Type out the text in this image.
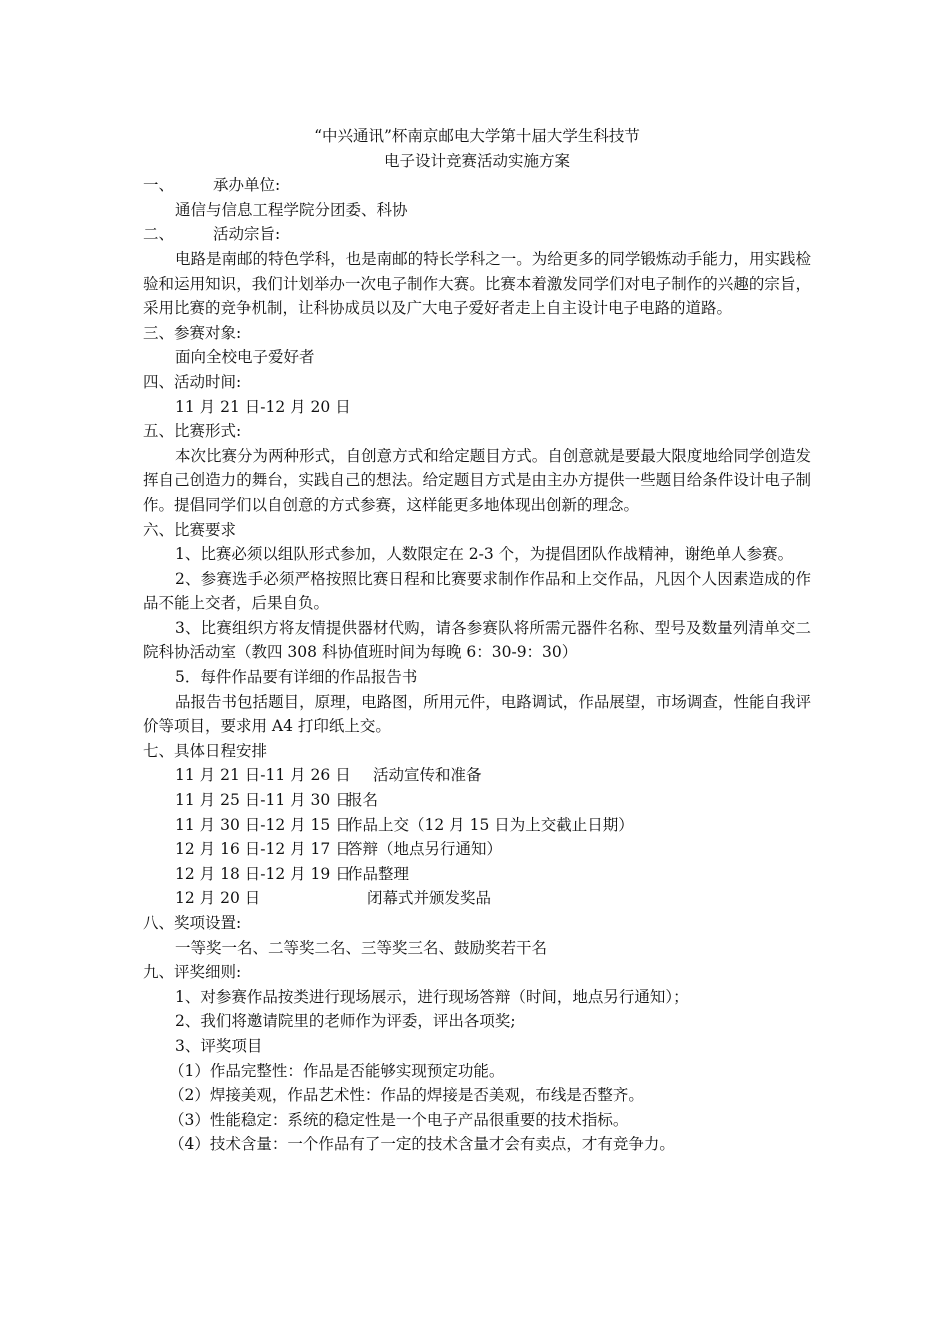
“中兴通讯”杯南京邮电大学第十届大学生科技节
电子设计竞赛活动实施方案
一、	承办单位:
通信与信息工程学院分团委、科协
二、	活动宗旨:
电路是南邮的特色学科，也是南邮的特长学科之一。为给更多的同学锻炼动手能力，用实践检验和运用知识，我们计划举办一次电子制作大赛。比赛本着激发同学们对电子制作的兴趣的宗旨，采用比赛的竞争机制，让科协成员以及广大电子爱好者走上自主设计电子电路的道路。
三、参赛对象:
面向全校电子爱好者
四、活动时间:
11 月 21 日-12 月 20 日
五、比赛形式:
本次比赛分为两种形式，自创意方式和给定题目方式。自创意就是要最大限度地给同学创造发挥自己创造力的舞台，实践自己的想法。给定题目方式是由主办方提供一些题目给条件设计电子制作。提倡同学们以自创意的方式参赛，这样能更多地体现出创新的理念。
六、比赛要求
1、比赛必须以组队形式参加，人数限定在 2-3 个，为提倡团队作战精神，谢绝单人参赛。
2、参赛选手必须严格按照比赛日程和比赛要求制作作品和上交作品，凡因个人因素造成的作品不能上交者，后果自负。
3、比赛组织方将友情提供器材代购，请各参赛队将所需元器件名称、型号及数量列清单交二院科协活动室（教四 308 科协值班时间为每晚 6：30-9：30）
5．每件作品要有详细的作品报告书
品报告书包括题目，原理，电路图，所用元件，电路调试，作品展望，市场调查，性能自我评价等项目，要求用 A4 打印纸上交。
七、具体日程安排
11 月 21 日-11 月 26 日 活动宣传和准备
11 月 25 日-11 月 30 日报名
11 月 30 日-12 月 15 日作品上交（12 月 15 日为上交截止日期）
12 月 16 日-12 月 17 日答辩（地点另行通知）
12 月 18 日-12 月 19 日作品整理
12 月 20 日	闭幕式并颁发奖品
八、奖项设置:
一等奖一名、二等奖二名、三等奖三名、鼓励奖若干名
九、评奖细则:
1、对参赛作品按类进行现场展示，进行现场答辩（时间，地点另行通知）；
2、我们将邀请院里的老师作为评委，评出各项奖;
3、评奖项目
（1）作品完整性：作品是否能够实现预定功能。
（2）焊接美观，作品艺术性：作品的焊接是否美观，布线是否整齐。
（3）性能稳定：系统的稳定性是一个电子产品很重要的技术指标。
（4）技术含量：一个作品有了一定的技术含量才会有卖点，才有竞争力。
